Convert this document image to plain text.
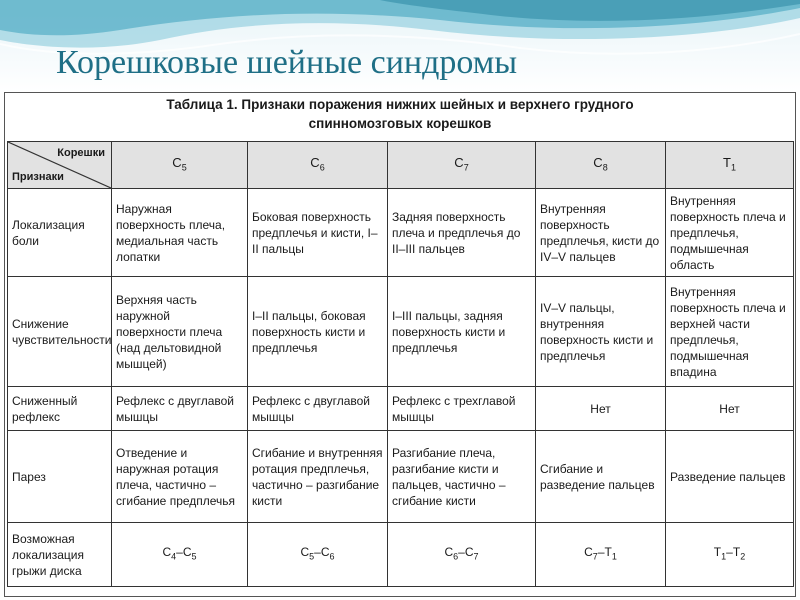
Корешковые шейные синдромы
Таблица 1. Признаки поражения нижних шейных и верхнего грудного
спинномозговых корешков
Корешки
Признаки	$С_5$	$С_6$	$С_7$	$С_8$	$Т_1$
Локализация боли	Наружная поверхность плеча, медиальная часть лопатки	Боковая поверхность предплечья и кисти, I–II пальцы	Задняя поверхность плеча и предплечья до II–III пальцев	Внутренняя поверхность предплечья, кисти до IV–V пальцев	Внутренняя поверхность плеча и предплечья, подмышечная область
Снижение чувствительности	Верхняя часть наружной поверхности плеча (над дельтовидной мышцей)	I–II пальцы, боковая поверхность кисти и предплечья	I–III пальцы, задняя поверхность кисти и предплечья	IV–V пальцы, внутренняя поверхность кисти и предплечья	Внутренняя поверхность плеча и верхней части предплечья, подмышечная впадина
Сниженный рефлекс	Рефлекс с двуглавой мышцы	Рефлекс с двуглавой мышцы	Рефлекс с трехглавой мышцы	Нет	Нет
Парез	Отведение и наружная ротация плеча, частично – сгибание предплечья	Сгибание и внутренняя ротация предплечья, частично – разгибание кисти	Разгибание плеча, разгибание кисти и пальцев, частично – сгибание кисти	Сгибание и разведение пальцев	Разведение пальцев
Возможная локализация грыжи диска	$С_4-С_5$	$С_5-С_6$	$С_6-С_7$	$С_7-Т_1$	$Т_1-Т_2$
